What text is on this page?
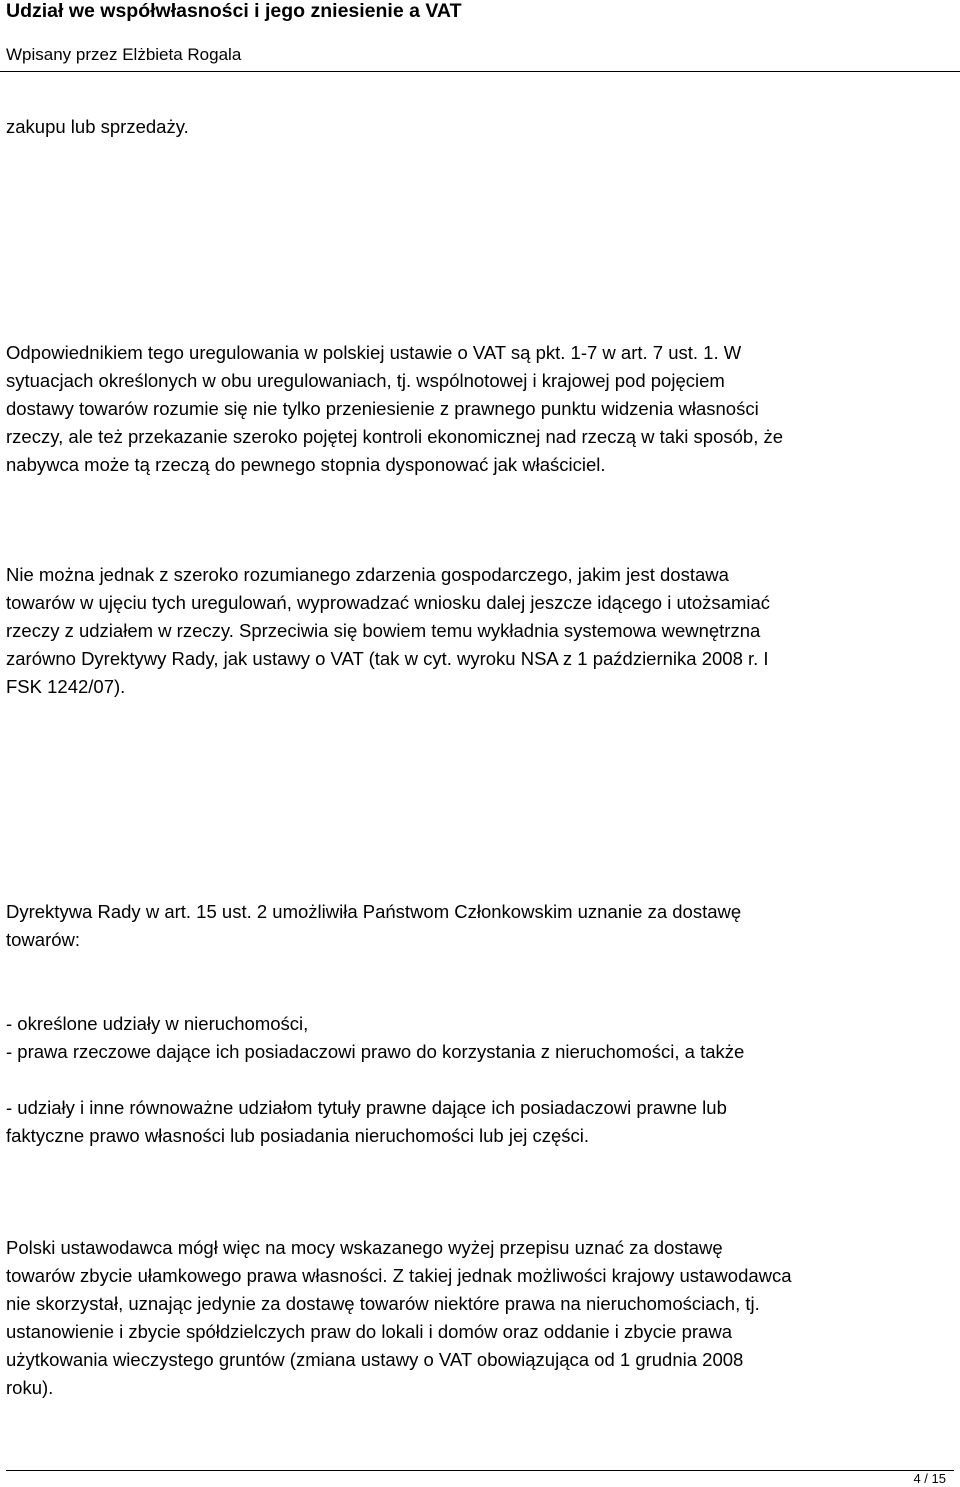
Udział we współwłasności i jego zniesienie a VAT
Wpisany przez Elżbieta Rogala

zakupu lub sprzedaży.

Odpowiednikiem tego uregulowania w polskiej ustawie o VAT są pkt. 1-7 w art. 7 ust. 1. W
sytuacjach określonych w obu uregulowaniach, tj. wspólnotowej i krajowej pod pojęciem
dostawy towarów rozumie się nie tylko przeniesienie z prawnego punktu widzenia własności
rzeczy, ale też przekazanie szeroko pojętej kontroli ekonomicznej nad rzeczą w taki sposób, że
nabywca może tą rzeczą do pewnego stopnia dysponować jak właściciel.

Nie można jednak z szeroko rozumianego zdarzenia gospodarczego, jakim jest dostawa
towarów w ujęciu tych uregulowań, wyprowadzać wniosku dalej jeszcze idącego i utożsamiać
rzeczy z udziałem w rzeczy. Sprzeciwia się bowiem temu wykładnia systemowa wewnętrzna
zarówno Dyrektywy Rady, jak ustawy o VAT (tak w cyt. wyroku NSA z 1 października 2008 r. I
FSK 1242/07).

Dyrektywa Rady w art. 15 ust. 2 umożliwiła Państwom Członkowskim uznanie za dostawę
towarów:

- określone udziały w nieruchomości,
- prawa rzeczowe dające ich posiadaczowi prawo do korzystania z nieruchomości, a także

- udziały i inne równoważne udziałom tytuły prawne dające ich posiadaczowi prawne lub
faktyczne prawo własności lub posiadania nieruchomości lub jej części.

Polski ustawodawca mógł więc na mocy wskazanego wyżej przepisu uznać za dostawę
towarów zbycie ułamkowego prawa własności. Z takiej jednak możliwości krajowy ustawodawca
nie skorzystał, uznając jedynie za dostawę towarów niektóre prawa na nieruchomościach, tj.
ustanowienie i zbycie spółdzielczych praw do lokali i domów oraz oddanie i zbycie prawa
użytkowania wieczystego gruntów (zmiana ustawy o VAT obowiązująca od 1 grudnia 2008
roku).

4 / 15
